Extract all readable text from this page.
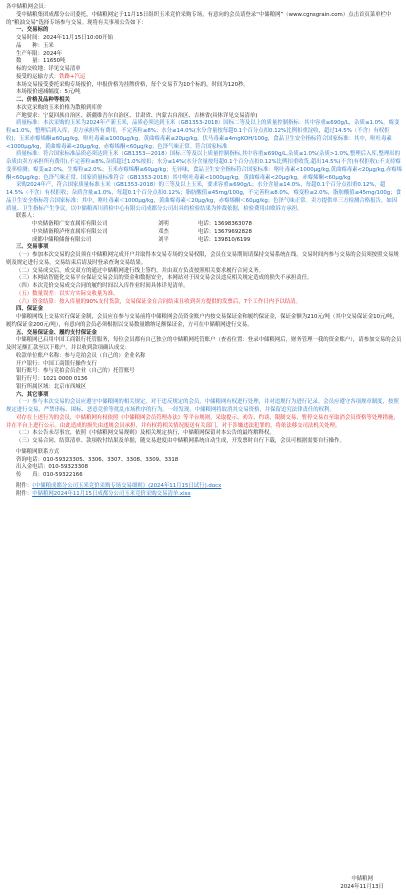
各中储粮网会员：

受中储粮集团成都分公司委托，中储粮网定于11月15日组织玉米竞价采购专场，有意向的会员请登录“中储粮网”（www.cgnsgrain.com）点击首页菜单栏中的“粮油交易”选择专场参与交易。现将有关事项公告如下：

一、交易标的

交易时间：2024年11月15日10:00开始

品　　种：玉米

生产年限：2024年

数　　量：11650吨

标的交收地：详见交易清单

接受的运输方式：铁路+汽运

本场交易接受委托采购专场报价，申报价格为挂牌价格，每个交易节为10个标的，时间为120秒。

本场报价递减幅度：5元/吨

二、价格及品种等相关

本次竞采购的玉米价格为散粮到库价

产地要求：宁夏回族自治区、新疆维吾尔自治区、甘肃省、内蒙古自治区、吉林省(具体详见交易清单)

质量标准：本次采购的玉米为2024年产新玉米，品质必须达到玉米（GB1353-2018）国标二等及以上的质量控制指标：其中容重≥690g/L，杂质≤1.0%，霉变粒≤1.0%，整理后到入库，卖方承担所有费用，不完善粒≤8%；水分≤14.0%(水分含量按每超0.1个百分点扣0.12%比例扣重淀收，超过14.5%（不含）有权拒收)；玉米赤霉烯酮≤60μg/kg，呕吐毒素≤1000μg/kg，黄曲霉毒素≤20μg/kg，伏马毒素≤4mgKOH/100g，食品卫生安全指标符合国家标准：其中，呕吐毒素<1000μg/kg，黄曲霉毒素<20μg/kg，赤霉烯酮<60μg/kg；色泽气味正常。符合国家标准

质量标准：符合国家标准品质必须达到玉米（GB1353—2018）国标三等及以上质量控制指标,其中容重≥690g/L,杂质≤1.0%(杂质>1.0%,整理后入库,整理出的杂质由卖方承担所有费用),不完善粒≤8%,杂质超过1.0%按扣；水分≤14%(水分含量按每超0.1个百分点扣0.12%比例扣重收货,超出14.5%(不含)有权拒收);不支持霉变率检测；霉变≤2.0%，生霉粒≤2.0%；玉米赤霉烯酮≤60μg/kg；无异味，食品卫生安全指标符合国家标准：呕吐毒素<1000μg/kg,黄曲霉毒素<20μg/kg,赤霉烯酮<60μg/kg；色泽气味正常。国家质量标准符合（GB1353-2018）其中呕吐毒素<1000μg/kg，黄曲霉毒素<20μg/kg，赤霉烯酮<60μg/kg

采购2024年产，符合国家质量标准玉米（GB1353-2018）的三等及以上玉米，要求容重≥690g/L；水分含量≤14.0%，每超0.1个百分点扣重0.12%，超14.5%（不含）有权拒收；杂质含量≤1.0%，每超0.1个百分点扣0.12%；脂肪酸值≤45mg/100g，不完善粒≤8.0%，霉变粒≤2.0%，脂肪酸值≤45mg/100g；食品卫生安全指标符合国家标准：其中，呕吐毒素＜1000μg/kg，黄曲霉毒素＜20μg/kg，赤霉烯酮＜60μg/kg；色泽气味正常。卖方提供单三方检测合格报告，如因质量、卫生指标产生争议，以中储粮西川质检中心有限公司成都分公司出具的检验结果为仲裁依据，检验费用由败诉方承担。

联系人：

中央储备粮广安直属库有限公司	刘明	电话：13698363078

中央储备粮泸州直属库有限公司	邓杰	电话：13679692828

成都中储粮储备有限公司	刘平	电话：139810/6199

三、交易事项

（一）参加本次交易的会员须在中储粮网完成开户并取得本交易专场的交易权限，会员在交易期间请保持交易系统在线。交易时间内参与交易的会员须按照交易规则及规定进行交易，交易结束后请及时登录查询交易结果。

（二）交易成交后，成交双方的通过中储粮网进行线上签约，并由双方负责按照相关要求履行合同义务。

（三）本网站智能化交易平台保证交易会员的资金和数据安全，本网站对于因交易会员违反相关规定造成的损失不承担责任。

（四）本次竞价交易成交合同的履约时间以入库作业时间具体详见清单。

（五）数量误差：以实方实际交收量为准。

（六）资金结算：按入库量的90%支付货款，交易保证金在合同结束且收到卖方提供的发票后，7个工作日内予以结清。

四、保证金

中储粮网线上交易实行保证金制，会员应在参与交易前将中储粮网会员资金账户内按交易保证金和履约保证金，保证金额为210元/吨（其中交易保证金10元/吨，履约保证金200元/吨），有意向的会员必须根据以交易数量缴纳足额保证金，方可在中储粮网进行交易。

五、交易保证金、履约支付保证金

中储粮网已启用中国工商银行托管服务，每位会员都有自己独立的中储粮网托管账户（查看位置：登录中储粮网后，财务管理一我的资金账户），请参加交易的会员及时足额汇款至以下账户，并以收到款项确认成交：

收款单位账户名称：参与竞拍会员（自己的）企业名称

开户银行：中国工商银行操作支行

银行账号：参与竞拍会员企业（自己的）托管账号

银行行号：1021 0000 0136

银行所属区域：北京市西城区

六、其它事项

（一）参与本次交易的会员应遵守中储粮网的相关规定，对于违反规定的会员，中储粮网有权进行处理，并对违规行为进行记录。会员应遵守各项规章制度，按照规定进行交易，严禁串标、围标、恶意竞价等扰乱市场秩序的行为。一经发现，中储粮网将取消其交易资格，并保留追究法律责任的权利。

对存在上述行为的会员，中储粮网有权依照《中储粮网会员管理办法》等平台规则，采取提示、劝告、约谈、限制交易、暂停交易直至取消会员资格等处理措施，并在平台上进行公示。由此造成的损失由违规会员承担，并有权将相关情况报送有关部门。对于涉嫌违法犯罪的，将依法移交司法机关处理。

（二）本公告未尽事宜，依照《中储粮网交易规则》及相关规定执行，中储粮网保留对本公告的最终解释权。

（三）交易合同、结算清单、款项收付结果及单据，随交易进度由中储粮网系统自动生成，开发票时自行下载，会员可根据需要自行操作。

中储粮网联系方式

咨询电话：010-59323305、3306、3307、3308、3309、3318

出入金电话：010-59323308

传　　真：010-59322166

附件：《中储粮成都分公司玉米竞价采购专场交易细则》(2024年11月15日试行).docx

附件：中储粮网2024年11月15日成都分公司玉米竞价采购交易清单.xlsx

中储粮网

2024年11月13日
